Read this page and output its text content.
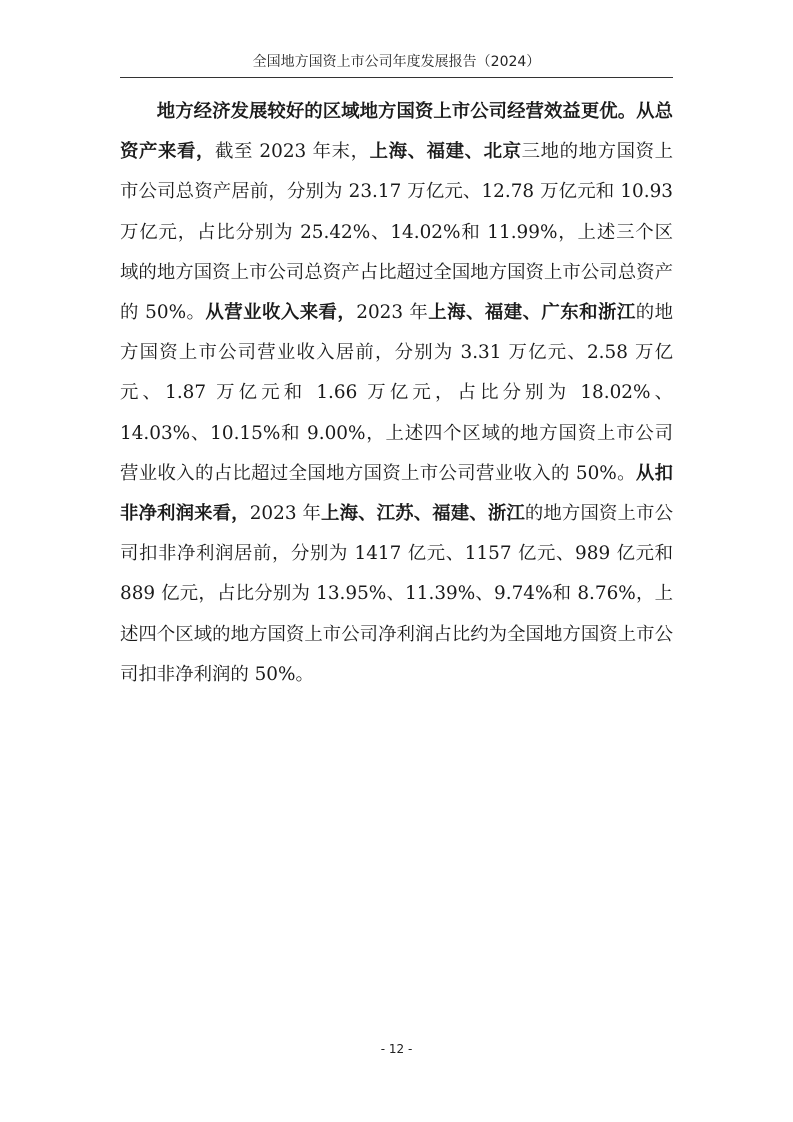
全国地方国资上市公司年度发展报告（2024）

地方经济发展较好的区域地方国资上市公司经营效益更优。从总资产来看，截至 2023 年末，上海、福建、北京三地的地方国资上市公司总资产居前，分别为 23.17 万亿元、12.78 万亿元和 10.93 万亿元，占比分别为 25.42%、14.02%和 11.99%，上述三个区域的地方国资上市公司总资产占比超过全国地方国资上市公司总资产的 50%。从营业收入来看，2023 年上海、福建、广东和浙江的地方国资上市公司营业收入居前，分别为 3.31 万亿元、2.58 万亿元、1.87 万亿元和 1.66 万亿元，占比分别为 18.02%、14.03%、10.15%和 9.00%，上述四个区域的地方国资上市公司营业收入的占比超过全国地方国资上市公司营业收入的 50%。从扣非净利润来看，2023 年上海、江苏、福建、浙江的地方国资上市公司扣非净利润居前，分别为 1417 亿元、1157 亿元、989 亿元和 889 亿元，占比分别为 13.95%、11.39%、9.74%和 8.76%，上述四个区域的地方国资上市公司净利润占比约为全国地方国资上市公司扣非净利润的 50%。

- 12 -
